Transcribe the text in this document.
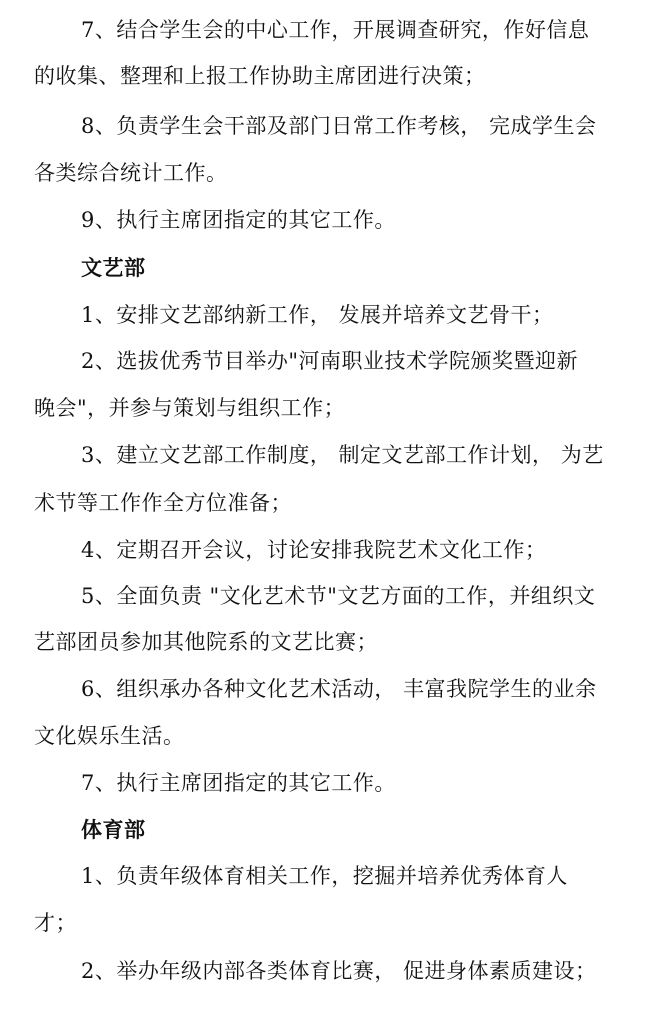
7、结合学生会的中心工作，开展调查研究，作好信息
的收集、整理和上报工作协助主席团进行决策；
8、负责学生会干部及部门日常工作考核， 完成学生会
各类综合统计工作。
9、执行主席团指定的其它工作。
文艺部
1、安排文艺部纳新工作， 发展并培养文艺骨干；
2、选拔优秀节目举办"河南职业技术学院颁奖暨迎新
晚会"，并参与策划与组织工作；
3、建立文艺部工作制度， 制定文艺部工作计划， 为艺
术节等工作作全方位准备；
4、定期召开会议，讨论安排我院艺术文化工作；
5、全面负责 "文化艺术节"文艺方面的工作，并组织文
艺部团员参加其他院系的文艺比赛；
6、组织承办各种文化艺术活动， 丰富我院学生的业余
文化娱乐生活。
7、执行主席团指定的其它工作。
体育部
1、负责年级体育相关工作，挖掘并培养优秀体育人
才；
2、举办年级内部各类体育比赛， 促进身体素质建设；
